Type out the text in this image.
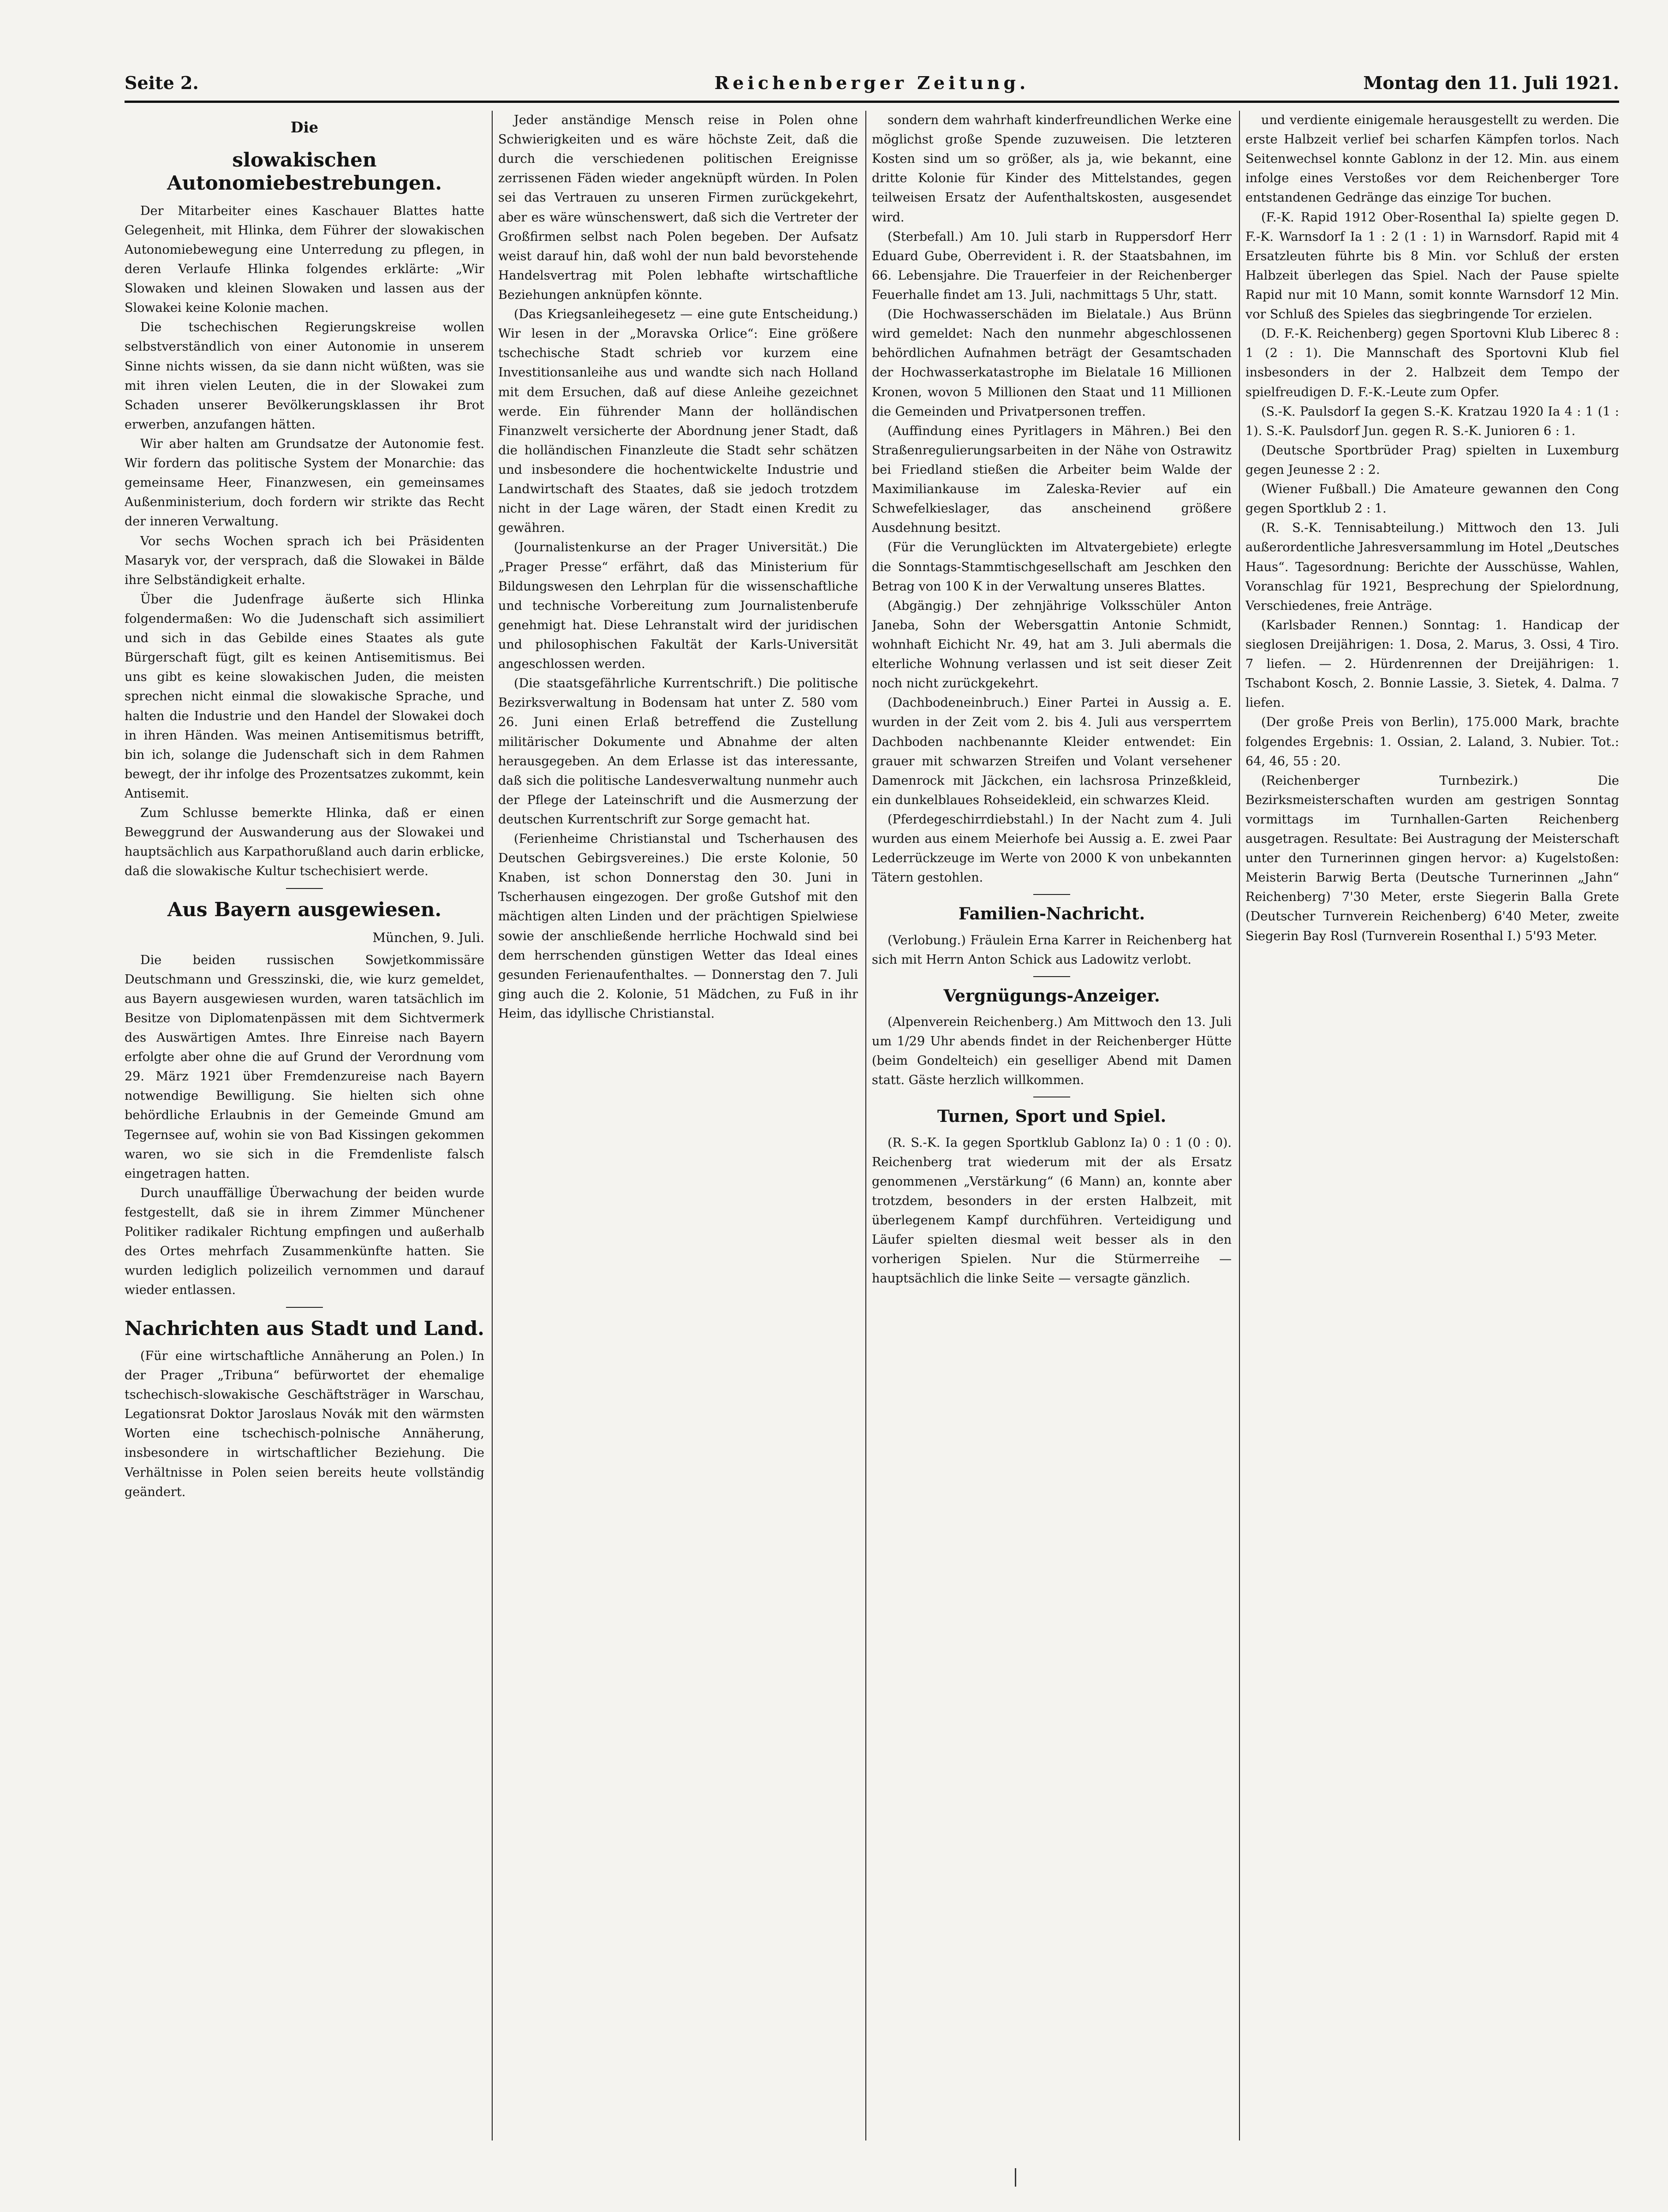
Seite 2.	Reichenberger Zeitung.	Montag den 11. Juli 1921.
Die
slowakischen Autonomiebestrebungen.

Der Mitarbeiter eines Kaschauer Blattes hatte Gelegenheit, mit Hlinka, dem Führer der slowakischen Autonomiebewegung eine Unterredung zu pflegen, in deren Verlaufe Hlinka folgendes erklärte: „Wir Slowaken und kleinen Slowaken und lassen aus der Slowakei keine Kolonie machen.

Die tschechischen Regierungskreise wollen selbstverständlich von einer Autonomie in unserem Sinne nichts wissen, da sie dann nicht wüßten, was sie mit ihren vielen Leuten, die in der Slowakei zum Schaden unserer Bevölkerungsklassen ihr Brot erwerben, anzufangen hätten.

Wir aber halten am Grundsatze der Autonomie fest. Wir fordern das politische System der Monarchie: das gemeinsame Heer, Finanzwesen, ein gemeinsames Außenministerium, doch fordern wir strikte das Recht der inneren Verwaltung.

Vor sechs Wochen sprach ich bei Präsidenten Masaryk vor, der versprach, daß die Slowakei in Bälde ihre Selbständigkeit erhalte.

Über die Judenfrage äußerte sich Hlinka folgendermaßen: Wo die Judenschaft sich assimiliert und sich in das Gebilde eines Staates als gute Bürgerschaft fügt, gilt es keinen Antisemitismus. Bei uns gibt es keine slowakischen Juden, die meisten sprechen nicht einmal die slowakische Sprache, und halten die Industrie und den Handel der Slowakei doch in ihren Händen. Was meinen Antisemitismus betrifft, bin ich, solange die Judenschaft sich in dem Rahmen bewegt, der ihr infolge des Prozentsatzes zukommt, kein Antisemit.

Zum Schlusse bemerkte Hlinka, daß er einen Beweggrund der Auswanderung aus der Slowakei und hauptsächlich aus Karpathorußland auch darin erblicke, daß die slowakische Kultur tschechisiert werde.

Aus Bayern ausgewiesen.
München, 9. Juli.

Die beiden russischen Sowjetkommissäre Deutschmann und Gresszinski, die, wie kurz gemeldet, aus Bayern ausgewiesen wurden, waren tatsächlich im Besitze von Diplomatenpässen mit dem Sichtvermerk des Auswärtigen Amtes. Ihre Einreise nach Bayern erfolgte aber ohne die auf Grund der Verordnung vom 29. März 1921 über Fremdenzureise nach Bayern notwendige Bewilligung. Sie hielten sich ohne behördliche Erlaubnis in der Gemeinde Gmund am Tegernsee auf, wohin sie von Bad Kissingen gekommen waren, wo sie sich in die Fremdenliste falsch eingetragen hatten.

Durch unauffällige Überwachung der beiden wurde festgestellt, daß sie in ihrem Zimmer Münchener Politiker radikaler Richtung empfingen und außerhalb des Ortes mehrfach Zusammenkünfte hatten. Sie wurden lediglich polizeilich vernommen und darauf wieder entlassen.

Nachrichten aus Stadt und Land.

(Für eine wirtschaftliche Annäherung an Polen.) In der Prager „Tribuna“ befürwortet der ehemalige tschechisch-slowakische Geschäftsträger in Warschau, Legationsrat Doktor Jaroslaus Novák mit den wärmsten Worten eine tschechisch-polnische Annäherung, insbesondere in wirtschaftlicher Beziehung. Die Verhältnisse in Polen seien bereits heute vollständig geändert.

Jeder anständige Mensch reise in Polen ohne Schwierigkeiten und es wäre höchste Zeit, daß die durch die verschiedenen politischen Ereignisse zerrissenen Fäden wieder angeknüpft würden. In Polen sei das Vertrauen zu unseren Firmen zurückgekehrt, aber es wäre wünschenswert, daß sich die Vertreter der Großfirmen selbst nach Polen begeben. Der Aufsatz weist darauf hin, daß wohl der nun bald bevorstehende Handelsvertrag mit Polen lebhafte wirtschaftliche Beziehungen anknüpfen könnte.

(Das Kriegsanleihegesetz — eine gute Entscheidung.) Wir lesen in der „Moravska Orlice“: Eine größere tschechische Stadt schrieb vor kurzem eine Investitionsanleihe aus und wandte sich nach Holland mit dem Ersuchen, daß auf diese Anleihe gezeichnet werde. Ein führender Mann der holländischen Finanzwelt versicherte der Abordnung jener Stadt, daß die holländischen Finanzleute die Stadt sehr schätzen und insbesondere die hochentwickelte Industrie und Landwirtschaft des Staates, daß sie jedoch trotzdem nicht in der Lage wären, der Stadt einen Kredit zu gewähren.

(Journalistenkurse an der Prager Universität.) Die „Prager Presse“ erfährt, daß das Ministerium für Bildungswesen den Lehrplan für die wissenschaftliche und technische Vorbereitung zum Journalistenberufe genehmigt hat. Diese Lehranstalt wird der juridischen und philosophischen Fakultät der Karls-Universität angeschlossen werden.

(Die staatsgefährliche Kurrentschrift.) Die politische Bezirksverwaltung in Bodensam hat unter Z. 580 vom 26. Juni einen Erlaß betreffend die Zustellung militärischer Dokumente und Abnahme der alten herausgegeben. An dem Erlasse ist das interessante, daß sich die politische Landesverwaltung nunmehr auch der Pflege der Lateinschrift und die Ausmerzung der deutschen Kurrentschrift zur Sorge gemacht hat.

(Ferienheime Christianstal und Tscherhausen des Deutschen Gebirgsvereines.) Die erste Kolonie, 50 Knaben, ist schon Donnerstag den 30. Juni in Tscherhausen eingezogen. Der große Gutshof mit den mächtigen alten Linden und der prächtigen Spielwiese sowie der anschließende herrliche Hochwald sind bei dem herrschenden günstigen Wetter das Ideal eines gesunden Ferienaufenthaltes. — Donnerstag den 7. Juli ging auch die 2. Kolonie, 51 Mädchen, zu Fuß in ihr Heim, das idyllische Christianstal.

sondern dem wahrhaft kinderfreundlichen Werke eine möglichst große Spende zuzuweisen. Die letzteren Kosten sind um so größer, als ja, wie bekannt, eine dritte Kolonie für Kinder des Mittelstandes, gegen teilweisen Ersatz der Aufenthaltskosten, ausgesendet wird.

(Sterbefall.) Am 10. Juli starb in Ruppersdorf Herr Eduard Gube, Oberrevident i. R. der Staatsbahnen, im 66. Lebensjahre. Die Trauerfeier in der Reichenberger Feuerhalle findet am 13. Juli, nachmittags 5 Uhr, statt.

(Die Hochwasserschäden im Bielatale.) Aus Brünn wird gemeldet: Nach den nunmehr abgeschlossenen behördlichen Aufnahmen beträgt der Gesamtschaden der Hochwasserkatastrophe im Bielatale 16 Millionen Kronen, wovon 5 Millionen den Staat und 11 Millionen die Gemeinden und Privatpersonen treffen.

(Auffindung eines Pyritlagers in Mähren.) Bei den Straßenregulierungsarbeiten in der Nähe von Ostrawitz bei Friedland stießen die Arbeiter beim Walde der Maximiliankause im Zaleska-Revier auf ein Schwefelkieslager, das anscheinend größere Ausdehnung besitzt.

(Für die Verunglückten im Altvatergebiete) erlegte die Sonntags-Stammtischgesellschaft am Jeschken den Betrag von 100 K in der Verwaltung unseres Blattes.

(Abgängig.) Der zehnjährige Volksschüler Anton Janeba, Sohn der Webersgattin Antonie Schmidt, wohnhaft Eichicht Nr. 49, hat am 3. Juli abermals die elterliche Wohnung verlassen und ist seit dieser Zeit noch nicht zurückgekehrt.

(Dachbodeneinbruch.) Einer Partei in Aussig a. E. wurden in der Zeit vom 2. bis 4. Juli aus versperrtem Dachboden nachbenannte Kleider entwendet: Ein grauer mit schwarzen Streifen und Volant versehener Damenrock mit Jäckchen, ein lachsrosa Prinzeßkleid, ein dunkelblaues Rohseidekleid, ein schwarzes Kleid.

(Pferdegeschirrdiebstahl.) In der Nacht zum 4. Juli wurden aus einem Meierhofe bei Aussig a. E. zwei Paar Lederrückzeuge im Werte von 2000 K von unbekannten Tätern gestohlen.

Familien-Nachricht.

(Verlobung.) Fräulein Erna Karrer in Reichenberg hat sich mit Herrn Anton Schick aus Ladowitz verlobt.

Vergnügungs-Anzeiger.

(Alpenverein Reichenberg.) Am Mittwoch den 13. Juli um 1/29 Uhr abends findet in der Reichenberger Hütte (beim Gondelteich) ein geselliger Abend mit Damen statt. Gäste herzlich willkommen.

Turnen, Sport und Spiel.

(R. S.-K. Ia gegen Sportklub Gablonz Ia) 0 : 1 (0 : 0). Reichenberg trat wiederum mit der als Ersatz genommenen „Verstärkung“ (6 Mann) an, konnte aber trotzdem, besonders in der ersten Halbzeit, mit überlegenem Kampf durchführen. Verteidigung und Läufer spielten diesmal weit besser als in den vorherigen Spielen. Nur die Stürmerreihe — hauptsächlich die linke Seite — versagte gänzlich.

und verdiente einigemale herausgestellt zu werden. Die erste Halbzeit verlief bei scharfen Kämpfen torlos. Nach Seitenwechsel konnte Gablonz in der 12. Min. aus einem infolge eines Verstoßes vor dem Reichenberger Tore entstandenen Gedränge das einzige Tor buchen.

(F.-K. Rapid 1912 Ober-Rosenthal Ia) spielte gegen D. F.-K. Warnsdorf Ia 1 : 2 (1 : 1) in Warnsdorf. Rapid mit 4 Ersatzleuten führte bis 8 Min. vor Schluß der ersten Halbzeit überlegen das Spiel. Nach der Pause spielte Rapid nur mit 10 Mann, somit konnte Warnsdorf 12 Min. vor Schluß des Spieles das siegbringende Tor erzielen.

(D. F.-K. Reichenberg) gegen Sportovni Klub Liberec 8 : 1 (2 : 1). Die Mannschaft des Sportovni Klub fiel insbesonders in der 2. Halbzeit dem Tempo der spielfreudigen D. F.-K.-Leute zum Opfer.

(S.-K. Paulsdorf Ia gegen S.-K. Kratzau 1920 Ia 4 : 1 (1 : 1). S.-K. Paulsdorf Jun. gegen R. S.-K. Junioren 6 : 1.

(Deutsche Sportbrüder Prag) spielten in Luxemburg gegen Jeunesse 2 : 2.

(Wiener Fußball.) Die Amateure gewannen den Cong gegen Sportklub 2 : 1.

(R. S.-K. Tennisabteilung.) Mittwoch den 13. Juli außerordentliche Jahresversammlung im Hotel „Deutsches Haus“. Tagesordnung: Berichte der Ausschüsse, Wahlen, Voranschlag für 1921, Besprechung der Spielordnung, Verschiedenes, freie Anträge.

(Karlsbader Rennen.) Sonntag: 1. Handicap der sieglosen Dreijährigen: 1. Dosa, 2. Marus, 3. Ossi, 4 Tiro. 7 liefen. — 2. Hürdenrennen der Dreijährigen: 1. Tschabont Kosch, 2. Bonnie Lassie, 3. Sietek, 4. Dalma. 7 liefen.

(Der große Preis von Berlin), 175.000 Mark, brachte folgendes Ergebnis: 1. Ossian, 2. Laland, 3. Nubier. Tot.: 64, 46, 55 : 20.

(Reichenberger Turnbezirk.) Die Bezirksmeisterschaften wurden am gestrigen Sonntag vormittags im Turnhallen-Garten Reichenberg ausgetragen. Resultate: Bei Austragung der Meisterschaft unter den Turnerinnen gingen hervor: a) Kugelstoßen: Meisterin Barwig Berta (Deutsche Turnerinnen „Jahn“ Reichenberg) 7'30 Meter, erste Siegerin Balla Grete (Deutscher Turnverein Reichenberg) 6'40 Meter, zweite Siegerin Bay Rosl (Turnverein Rosenthal I.) 5'93 Meter.
